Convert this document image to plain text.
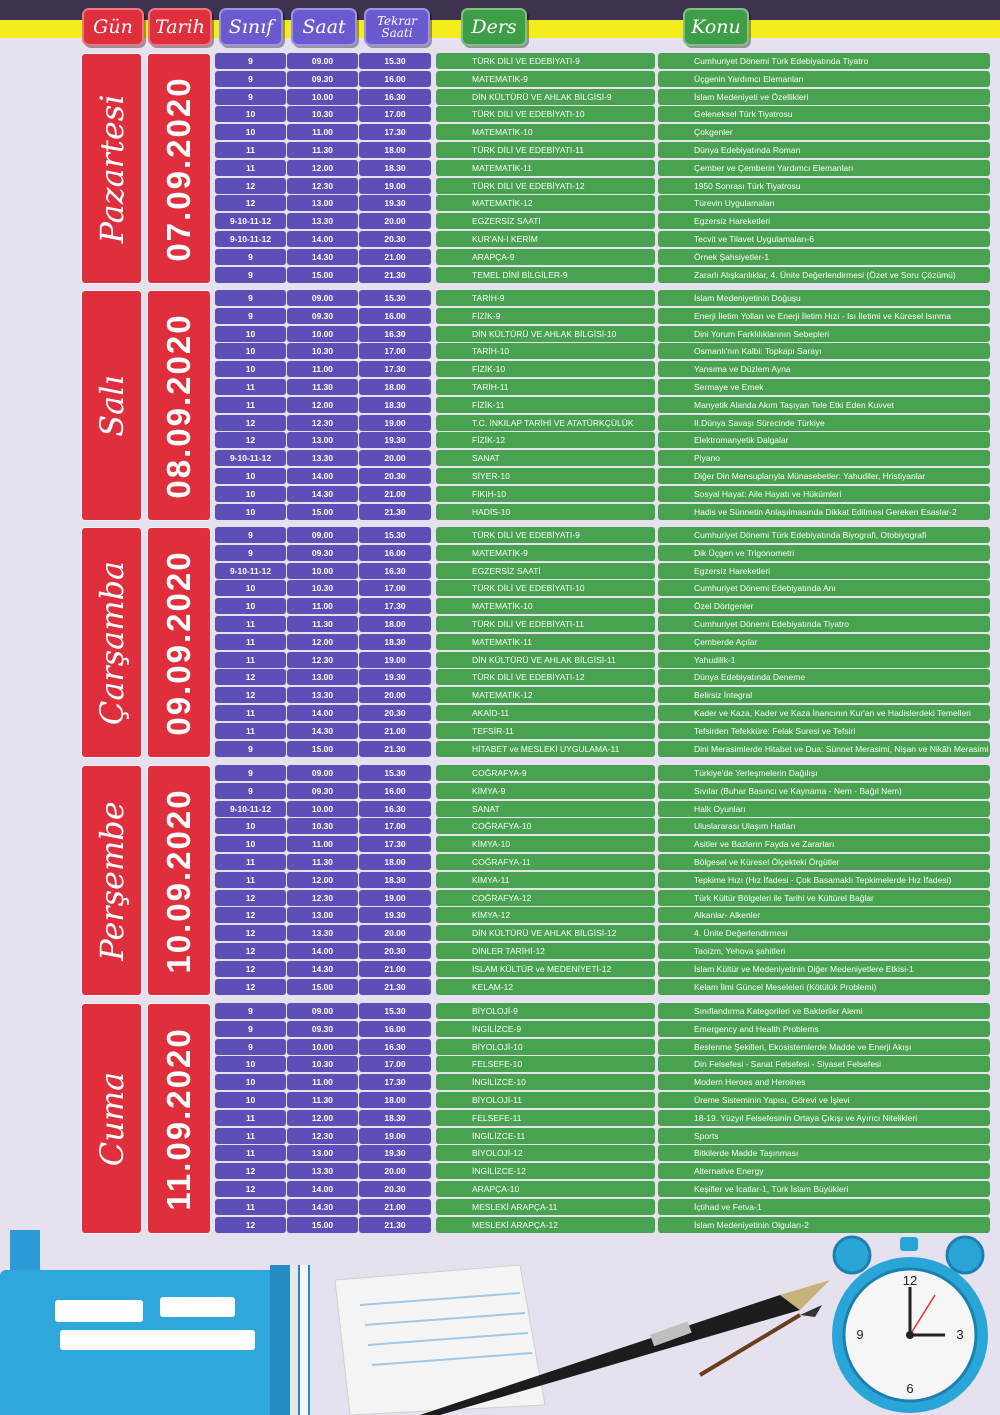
Gün	Tarih	Sınıf	Saat	Tekrar Saati	Ders	Konu
Pazartesi 07.09.2020
9	09.00	15.30	TÜRK DİLİ VE EDEBİYATI-9	Cumhuriyet Dönemi Türk Edebiyatında Tiyatro
9	09.30	16.00	MATEMATİK-9	Üçgenin Yardımcı Elemanları
9	10.00	16.30	DİN KÜLTÜRÜ VE AHLAK BİLGİSİ-9	İslam Medeniyeti ve Özellikleri
10	10.30	17.00	TÜRK DİLİ VE EDEBİYATI-10	Geleneksel Türk Tiyatrosu
10	11.00	17.30	MATEMATİK-10	Çokgenler
11	11.30	18.00	TÜRK DİLİ VE EDEBİYATI-11	Dünya Edebiyatında Roman
11	12.00	18.30	MATEMATİK-11	Çember ve Çemberin Yardımcı Elemanları
12	12.30	19.00	TÜRK DİLİ VE EDEBİYATI-12	1950 Sonrası Türk Tiyatrosu
12	13.00	19.30	MATEMATİK-12	Türevin Uygulamaları
9-10-11-12	13.30	20.00	EGZERSİZ SAATİ	Egzersiz Hareketleri
9-10-11-12	14.00	20.30	KUR'AN-I KERİM	Tecvit ve Tilavet Uygulamaları-6
9	14.30	21.00	ARAPÇA-9	Örnek Şahsiyetler-1
9	15.00	21.30	TEMEL DİNİ BİLGİLER-9	Zararlı Alışkanlıklar, 4. Ünite Değerlendirmesi (Özet ve Soru Çözümü)
Salı 08.09.2020
9	09.00	15.30	TARİH-9	İslam Medeniyetinin Doğuşu
9	09.30	16.00	FİZİK-9	Enerji İletim Yolları ve Enerji İletim Hızı - Isı İletimi ve Küresel Isınma
10	10.00	16.30	DİN KÜLTÜRÜ VE AHLAK BİLGİSİ-10	Dini Yorum Farklılıklarının Sebepleri
10	10.30	17.00	TARİH-10	Osmanlı'nın Kalbi: Topkapı Sarayı
10	11.00	17.30	FİZİK-10	Yansıma ve Düzlem Ayna
11	11.30	18.00	TARİH-11	Sermaye ve Emek
11	12.00	18.30	FİZİK-11	Manyetik Alanda Akım Taşıyan Tele Etki Eden Kuvvet
12	12.30	19.00	T.C. İNKILAP TARİHİ VE ATATÜRKÇÜLÜK	II.Dünya Savaşı Sürecinde Türkiye
12	13.00	19.30	FİZİK-12	Elektromanyetik Dalgalar
9-10-11-12	13.30	20.00	SANAT	Piyano
10	14.00	20.30	SİYER-10	Diğer Din Mensuplarıyla Münasebetler: Yahudiler, Hristiyanlar
10	14.30	21.00	FIKIH-10	Sosyal Hayat: Aile Hayatı ve Hükümleri
10	15.00	21.30	HADİS-10	Hadis ve Sünnetin Anlaşılmasında Dikkat Edilmesi Gereken Esaslar-2
Çarşamba 09.09.2020
9	09.00	15.30	TÜRK DİLİ VE EDEBİYATI-9	Cumhuriyet Dönemi Türk Edebiyatında Biyografi, Otobiyografi
9	09.30	16.00	MATEMATİK-9	Dik Üçgen ve Trigonometri
9-10-11-12	10.00	16.30	EGZERSİZ SAATİ	Egzersiz Hareketleri
10	10.30	17.00	TÜRK DİLİ VE EDEBİYATI-10	Cumhuriyet Dönemi Edebiyatında Anı
10	11.00	17.30	MATEMATİK-10	Özel Dörtgenler
11	11.30	18.00	TÜRK DİLİ VE EDEBİYATI-11	Cumhuriyet Dönemi Edebiyatında Tiyatro
11	12.00	18.30	MATEMATİK-11	Çemberde Açılar
11	12.30	19.00	DİN KÜLTÜRÜ VE AHLAK BİLGİSİ-11	Yahudilik-1
12	13.00	19.30	TÜRK DİLİ VE EDEBİYATI-12	Dünya Edebiyatında Deneme
12	13.30	20.00	MATEMATİK-12	Belirsiz İntegral
11	14.00	20.30	AKAİD-11	Kader ve Kaza, Kader ve Kaza İnancının Kur'an ve Hadislerdeki Temelleri
11	14.30	21.00	TEFSİR-11	Tefsirden Tefekküre: Felak Suresi ve Tefsiri
9	15.00	21.30	HİTABET ve MESLEKİ UYGULAMA-11	Dini Merasimlerde Hitabet ve Dua: Sünnet Merasimi, Nişan ve Nikâh Merasimi
Perşembe 10.09.2020
9	09.00	15.30	COĞRAFYA-9	Türkiye'de Yerleşmelerin Dağılışı
9	09.30	16.00	KİMYA-9	Sıvılar (Buhar Basıncı ve Kaynama - Nem - Bağıl Nem)
9-10-11-12	10.00	16.30	SANAT	Halk Oyunları
10	10.30	17.00	COĞRAFYA-10	Uluslararası Ulaşım Hatları
10	11.00	17.30	KİMYA-10	Asitler ve Bazların Fayda ve Zararları
11	11.30	18.00	COĞRAFYA-11	Bölgesel ve Küresel Ölçekteki Örgütler
11	12.00	18.30	KİMYA-11	Tepkime Hızı (Hız İfadesi - Çok Basamaklı Tepkimelerde Hız İfadesi)
12	12.30	19.00	COĞRAFYA-12	Türk Kültür Bölgeleri ile Tarihi ve Kültürel Bağlar
12	13.00	19.30	KİMYA-12	Alkanlar- Alkenler
12	13.30	20.00	DİN KÜLTÜRÜ VE AHLAK BİLGİSİ-12	4. Ünite Değerlendirmesi
12	14.00	20.30	DİNLER TARİHİ-12	Taoizm, Yehova şahitleri
12	14.30	21.00	İSLAM KÜLTÜR ve MEDENİYETİ-12	İslam Kültür ve Medeniyetinin Diğer Medeniyetlere Etkisi-1
12	15.00	21.30	KELAM-12	Kelam İlmi Güncel Meseleleri (Kötülük Problemi)
Cuma 11.09.2020
9	09.00	15.30	BİYOLOJİ-9	Sınıflandırma Kategorileri ve Bakteriler Alemi
9	09.30	16.00	İNGİLİZCE-9	Emergency and Health Problems
9	10.00	16.30	BİYOLOJİ-10	Beslenme Şekilleri, Ekosistemlerde Madde ve Enerji Akışı
10	10.30	17.00	FELSEFE-10	Din Felsefesi - Sanat Felsefesi - Siyaset Felsefesi
10	11.00	17.30	İNGİLİZCE-10	Modern Heroes and Heroines
10	11.30	18.00	BİYOLOJİ-11	Üreme Sisteminin Yapısı, Görevi ve İşlevi
11	12.00	18.30	FELSEFE-11	18-19. Yüzyıl Felsefesinin Ortaya Çıkışı ve Ayırıcı Nitelikleri
11	12.30	19.00	İNGİLİZCE-11	Sports
11	13.00	19.30	BİYOLOJİ-12	Bitkilerde Madde Taşınması
12	13.30	20.00	İNGİLİZCE-12	Alternative Energy
12	14.00	20.30	ARAPÇA-10	Keşifler ve İcatlar-1, Türk İslam Büyükleri
11	14.30	21.00	MESLEKİ ARAPÇA-11	İçtihad ve Fetva-1
12	15.00	21.30	MESLEKİ ARAPÇA-12	İslam Medeniyetinin Olguları-2
12
3
6
9
